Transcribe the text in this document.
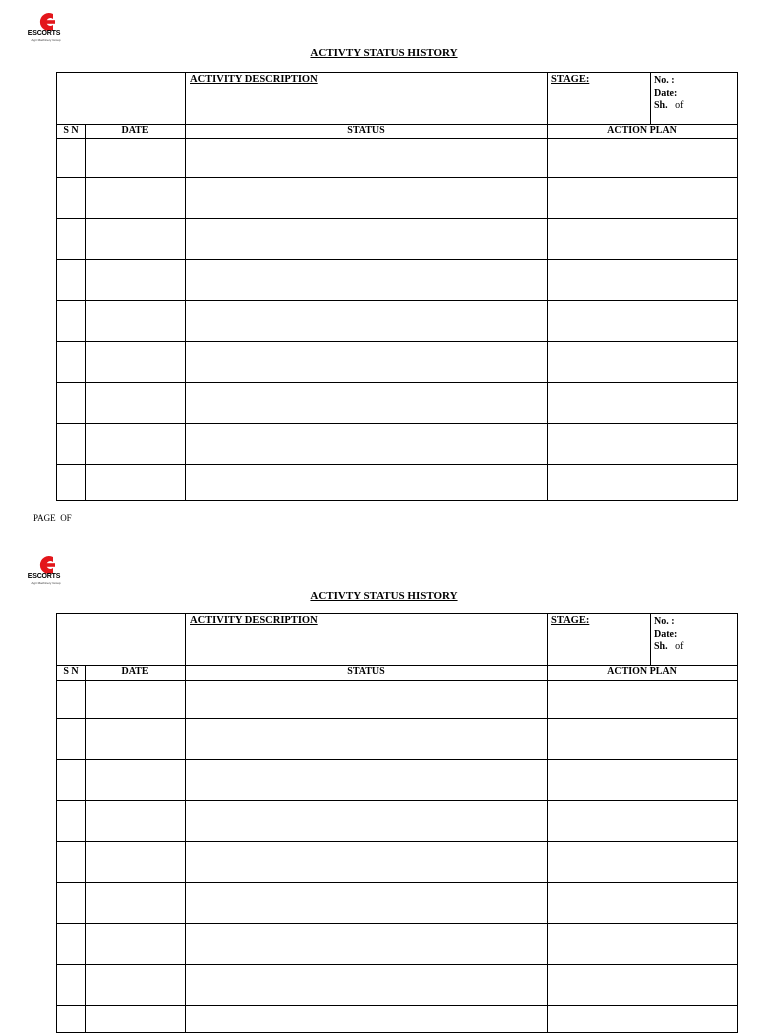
ESCORTS
Agri Machinery Group
ACTIVTY STATUS HISTORY
ACTIVITY DESCRIPTION	STAGE:	No. :
Date:
Sh. of
S N	DATE	STATUS	ACTION PLAN
PAGE OF
ESCORTS
Agri Machinery Group
ACTIVTY STATUS HISTORY
ACTIVITY DESCRIPTION	STAGE:	No. :
Date:
Sh. of
S N	DATE	STATUS	ACTION PLAN
